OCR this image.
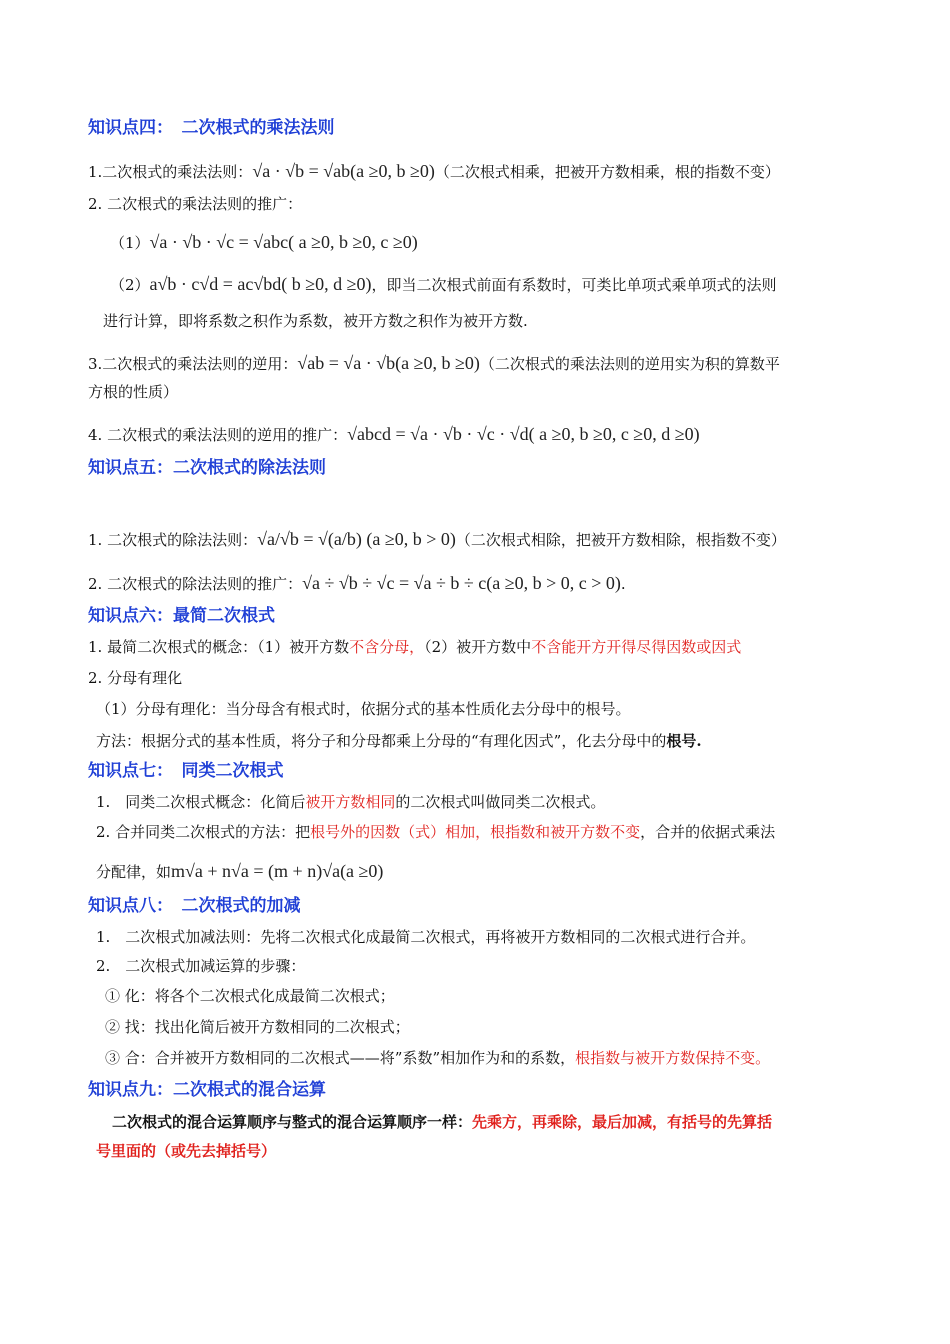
知识点四：　二次根式的乘法法则
1.二次根式的乘法法则：√a · √b = √ab(a ≥0, b ≥0)（二次根式相乘，把被开方数相乘，根的指数不变）
2. 二次根式的乘法法则的推广：
（1）√a · √b · √c = √abc( a ≥0, b ≥0, c ≥0)
（2）a√b · c√d = ac√bd( b ≥0, d ≥0)，即当二次根式前面有系数时，可类比单项式乘单项式的法则
进行计算，即将系数之积作为系数，被开方数之积作为被开方数.
3.二次根式的乘法法则的逆用：√ab = √a · √b(a ≥0, b ≥0)（二次根式的乘法法则的逆用实为积的算数平
方根的性质）
4. 二次根式的乘法法则的逆用的推广：√abcd = √a · √b · √c · √d( a ≥0, b ≥0, c ≥0, d ≥0)
知识点五：二次根式的除法法则
1. 二次根式的除法法则：√a/√b = √(a/b) (a ≥0, b > 0)（二次根式相除，把被开方数相除，根指数不变）
2. 二次根式的除法法则的推广：√a ÷ √b ÷ √c = √a ÷ b ÷ c(a ≥0, b > 0, c > 0).
知识点六：最简二次根式
1. 最简二次根式的概念：（1）被开方数不含分母，（2）被开方数中不含能开方开得尽得因数或因式
2. 分母有理化
（1）分母有理化：当分母含有根式时，依据分式的基本性质化去分母中的根号。
方法：根据分式的基本性质，将分子和分母都乘上分母的“有理化因式”，化去分母中的根号.
知识点七：　同类二次根式
1.　同类二次根式概念：化简后被开方数相同的二次根式叫做同类二次根式。
2. 合并同类二次根式的方法：把根号外的因数（式）相加，根指数和被开方数不变，合并的依据式乘法
分配律，如m√a + n√a = (m + n)√a(a ≥0)
知识点八：　二次根式的加减
1.　二次根式加减法则：先将二次根式化成最简二次根式，再将被开方数相同的二次根式进行合并。
2.　二次根式加减运算的步骤：
① 化：将各个二次根式化成最简二次根式；
② 找：找出化简后被开方数相同的二次根式；
③ 合：合并被开方数相同的二次根式——将”系数”相加作为和的系数，根指数与被开方数保持不变。
知识点九：二次根式的混合运算
二次根式的混合运算顺序与整式的混合运算顺序一样：先乘方，再乘除，最后加减，有括号的先算括
号里面的（或先去掉括号）
